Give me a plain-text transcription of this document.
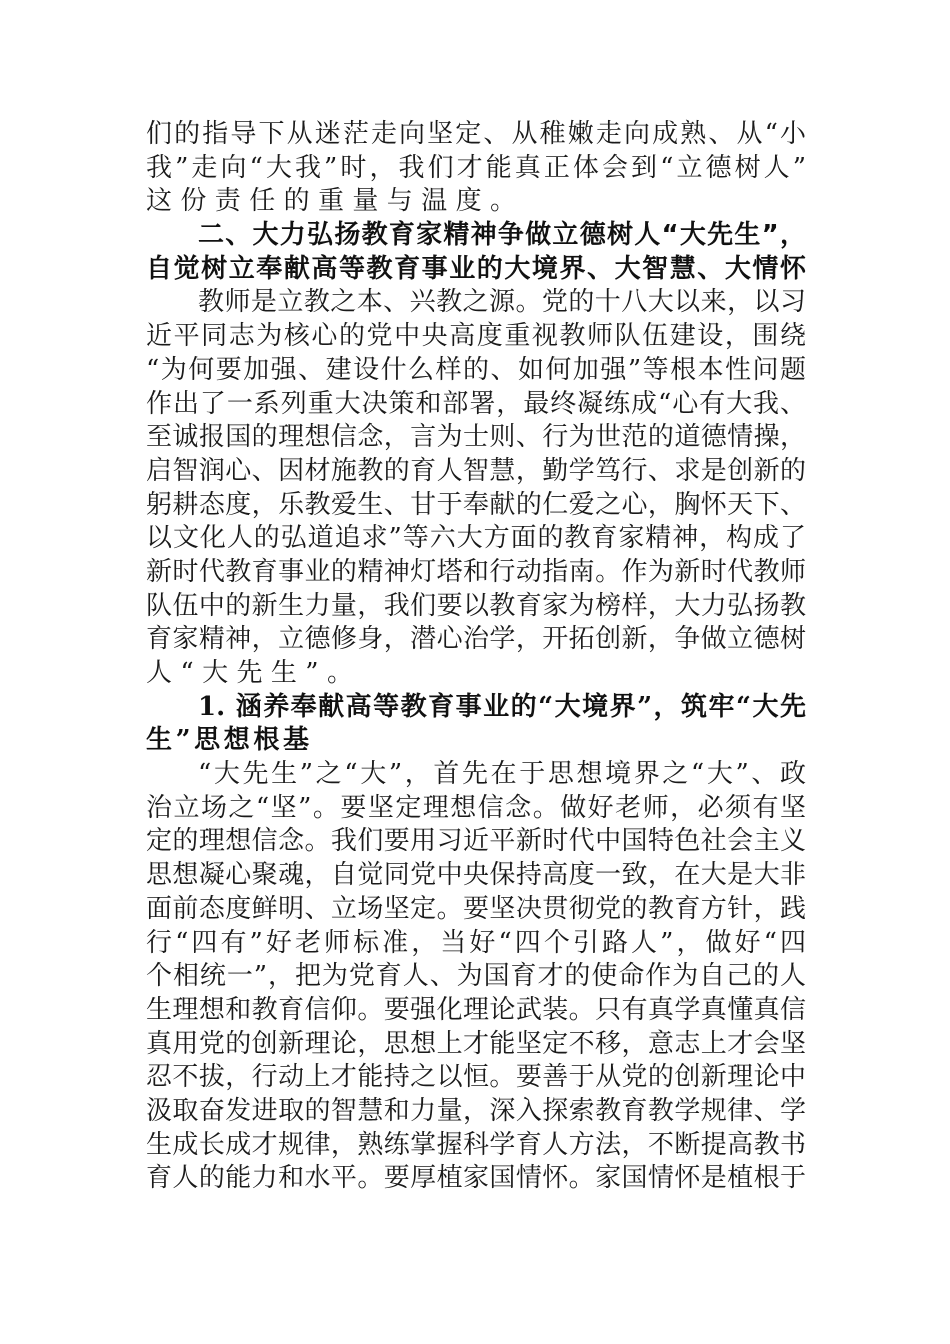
们的指导下从迷茫走向坚定、从稚嫩走向成熟、从“小
我”走向“大我”时，我们才能真正体会到“立德树人”
这份责任的重量与温度。
二、大力弘扬教育家精神争做立德树人“大先生”，
自觉树立奉献高等教育事业的大境界、大智慧、大情怀
教师是立教之本、兴教之源。党的十八大以来，以习
近平同志为核心的党中央高度重视教师队伍建设，围绕
“为何要加强、建设什么样的、如何加强”等根本性问题
作出了一系列重大决策和部署，最终凝练成“心有大我、
至诚报国的理想信念，言为士则、行为世范的道德情操，
启智润心、因材施教的育人智慧，勤学笃行、求是创新的
躬耕态度，乐教爱生、甘于奉献的仁爱之心，胸怀天下、
以文化人的弘道追求”等六大方面的教育家精神，构成了
新时代教育事业的精神灯塔和行动指南。作为新时代教师
队伍中的新生力量，我们要以教育家为榜样，大力弘扬教
育家精神，立德修身，潜心治学，开拓创新，争做立德树
人“大先生”。
1. 涵养奉献高等教育事业的“大境界”，筑牢“大先
生”思想根基
“大先生”之“大”，首先在于思想境界之“大”、政
治立场之“坚”。要坚定理想信念。做好老师，必须有坚
定的理想信念。我们要用习近平新时代中国特色社会主义
思想凝心聚魂，自觉同党中央保持高度一致，在大是大非
面前态度鲜明、立场坚定。要坚决贯彻党的教育方针，践
行“四有”好老师标准，当好“四个引路人”，做好“四
个相统一”，把为党育人、为国育才的使命作为自己的人
生理想和教育信仰。要强化理论武装。只有真学真懂真信
真用党的创新理论，思想上才能坚定不移，意志上才会坚
忍不拔，行动上才能持之以恒。要善于从党的创新理论中
汲取奋发进取的智慧和力量，深入探索教育教学规律、学
生成长成才规律，熟练掌握科学育人方法，不断提高教书
育人的能力和水平。要厚植家国情怀。家国情怀是植根于
